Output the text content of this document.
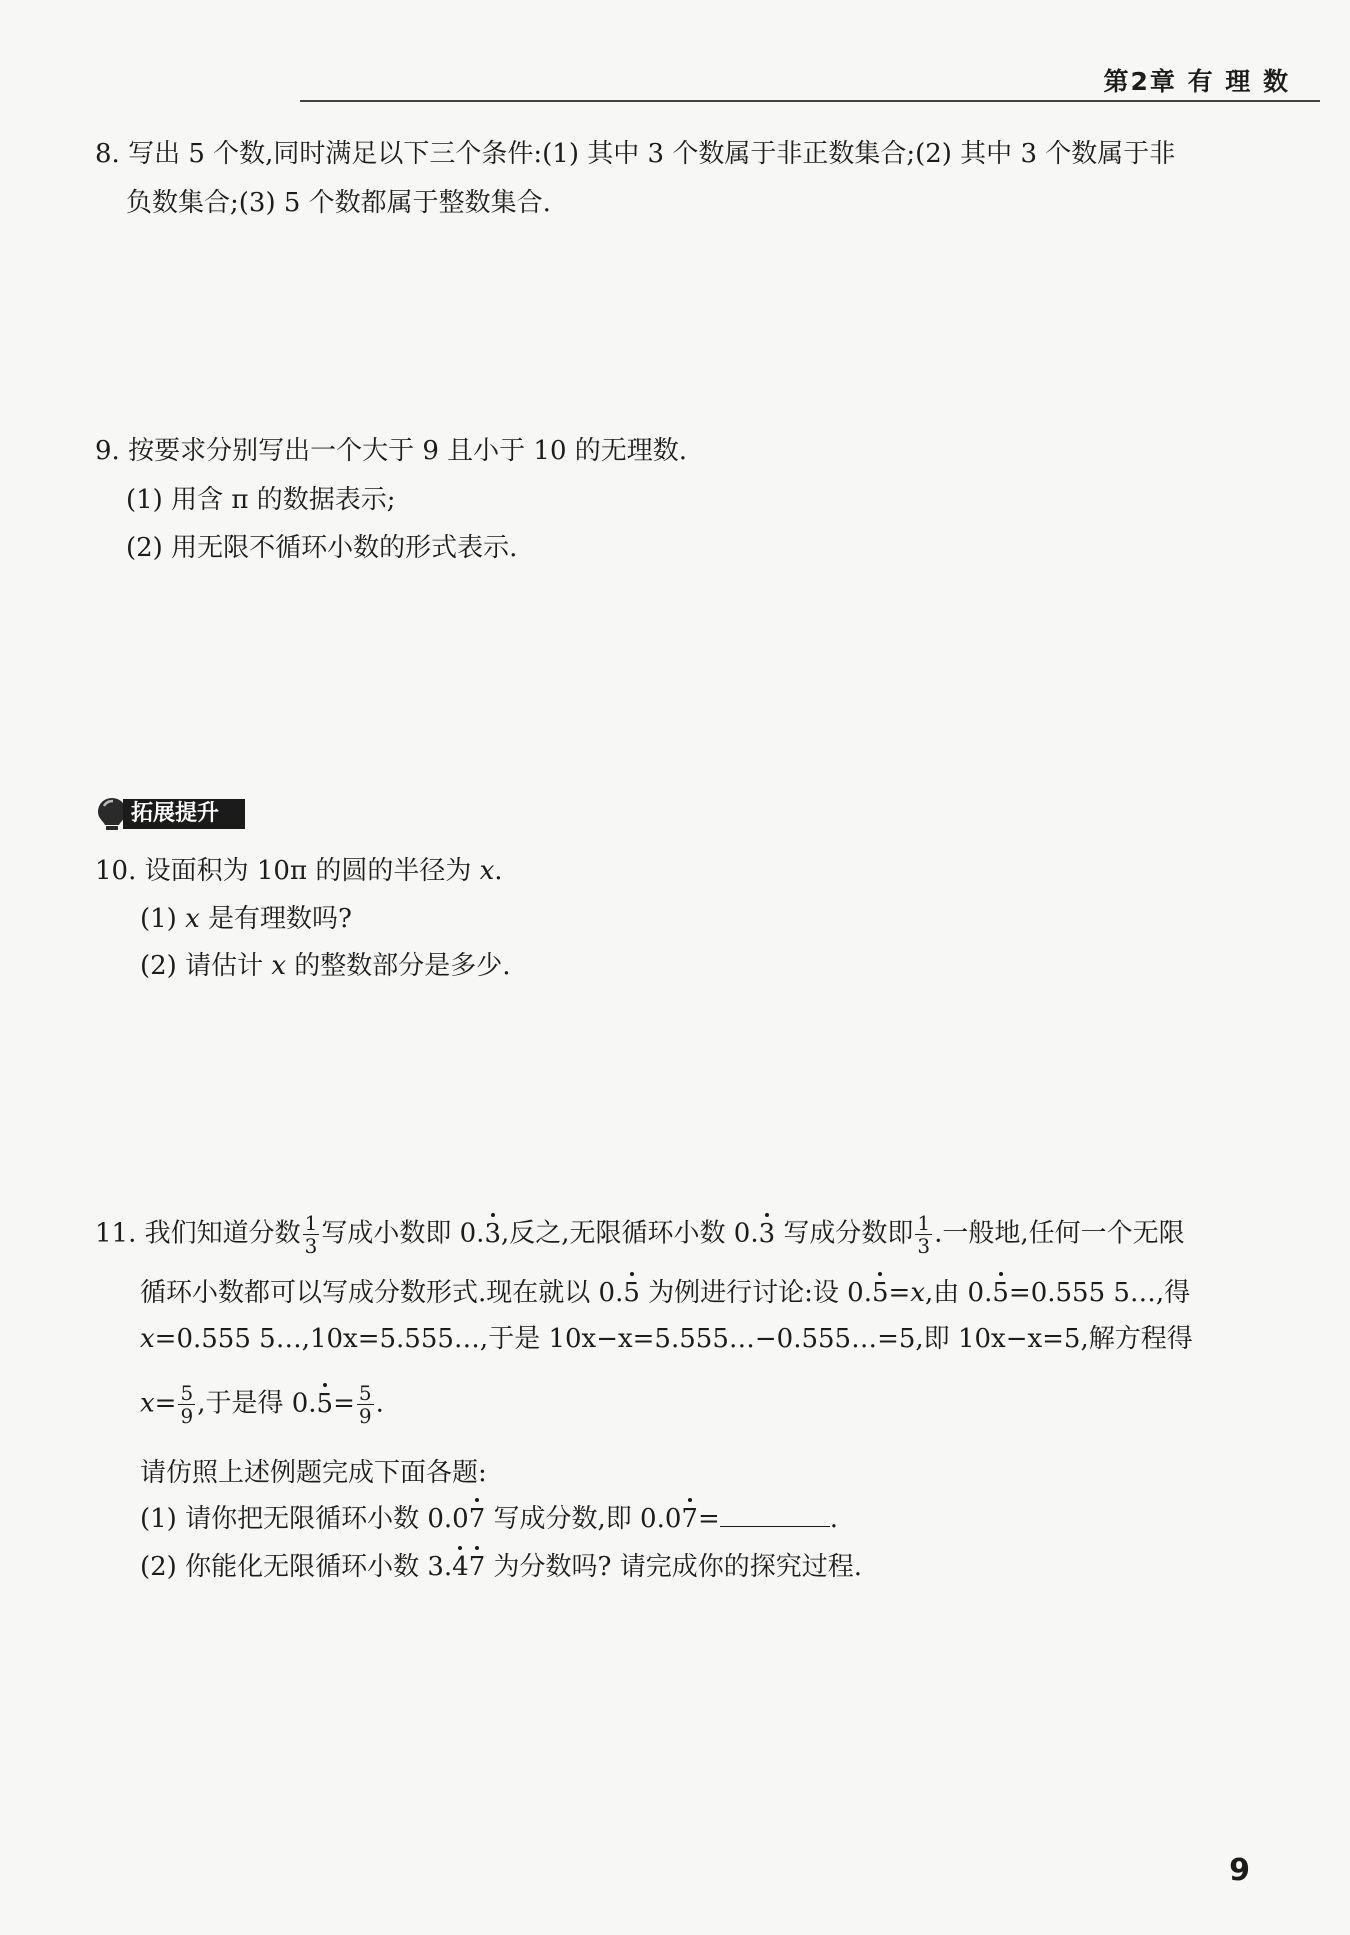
第2章 有 理 数
8. 写出 5 个数,同时满足以下三个条件:(1) 其中 3 个数属于非正数集合;(2) 其中 3 个数属于非
负数集合;(3) 5 个数都属于整数集合.
9. 按要求分别写出一个大于 9 且小于 10 的无理数.
(1) 用含 π 的数据表示;
(2) 用无限不循环小数的形式表示.
拓展提升
10. 设面积为 10π 的圆的半径为 x.
(1) x 是有理数吗?
(2) 请估计 x 的整数部分是多少.
11. 我们知道分数 $\frac{1}{3}$ 写成小数即 0.3,反之,无限循环小数 0.3 写成分数即 $\frac{1}{3}$ .一般地,任何一个无限
循环小数都可以写成分数形式.现在就以 0.5 为例进行讨论:设 0.5=x,由 0.5=0.555 5…,得
x=0.555 5…,10x=5.555…,于是 10x−x=5.555…−0.555…=5,即 10x−x=5,解方程得
$x= \frac{5}{9}$ ,于是得 $0.5= \frac{5}{9}$ .
请仿照上述例题完成下面各题:
(1) 请你把无限循环小数 0.07 写成分数,即 0.07=	.
(2) 你能化无限循环小数 3.47 为分数吗? 请完成你的探究过程.
9
